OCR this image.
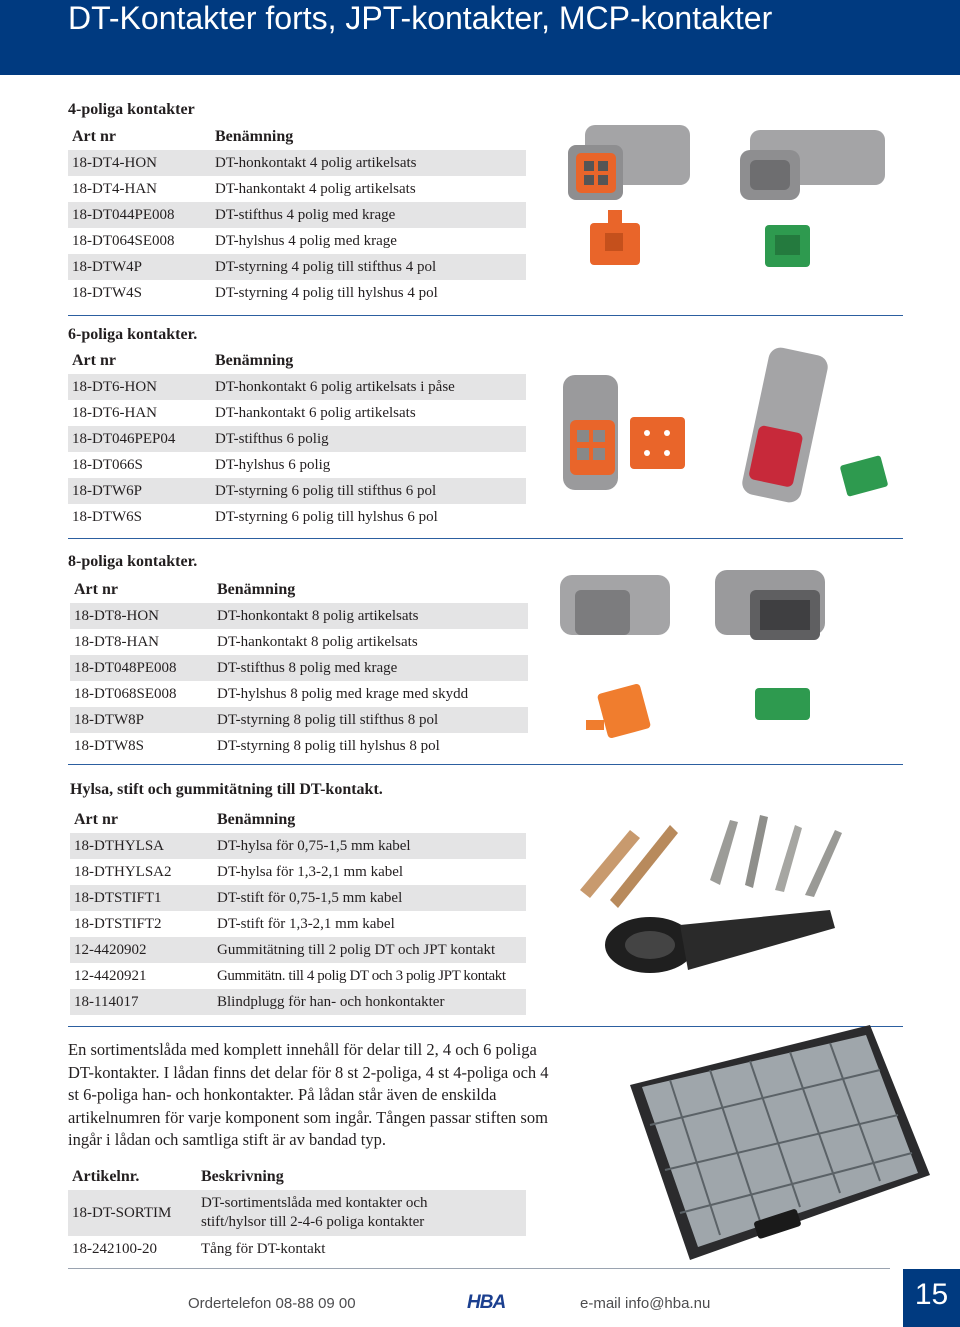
DT-Kontakter forts, JPT-kontakter, MCP-kontakter
4-poliga kontakter
Art nr	Benämning
18-DT4-HON	DT-honkontakt 4 polig artikelsats
18-DT4-HAN	DT-hankontakt 4 polig artikelsats
18-DT044PE008	DT-stifthus 4 polig med krage
18-DT064SE008	DT-hylshus 4 polig med krage
18-DTW4P	DT-styrning 4 polig till stifthus 4 pol
18-DTW4S	DT-styrning 4 polig till hylshus 4 pol
6-poliga kontakter.
Art nr	Benämning
18-DT6-HON	DT-honkontakt 6 polig artikelsats i påse
18-DT6-HAN	DT-hankontakt 6 polig artikelsats
18-DT046PEP04	DT-stifthus 6 polig
18-DT066S	DT-hylshus 6 polig
18-DTW6P	DT-styrning 6 polig till stifthus 6 pol
18-DTW6S	DT-styrning 6 polig till hylshus 6 pol
8-poliga kontakter.
Art nr	Benämning
18-DT8-HON	DT-honkontakt 8 polig artikelsats
18-DT8-HAN	DT-hankontakt 8 polig artikelsats
18-DT048PE008	DT-stifthus 8 polig med krage
18-DT068SE008	DT-hylshus 8 polig med krage med skydd
18-DTW8P	DT-styrning 8 polig till stifthus 8 pol
18-DTW8S	DT-styrning 8 polig till hylshus 8 pol
Hylsa, stift och gummitätning till DT-kontakt.
Art nr	Benämning
18-DTHYLSA	DT-hylsa för 0,75-1,5 mm kabel
18-DTHYLSA2	DT-hylsa för 1,3-2,1 mm kabel
18-DTSTIFT1	DT-stift för 0,75-1,5 mm kabel
18-DTSTIFT2	DT-stift för 1,3-2,1 mm kabel
12-4420902	Gummitätning till 2 polig DT och JPT kontakt
12-4420921	Gummitätn. till 4 polig DT och 3 polig JPT kontakt
18-114017	Blindplugg för han- och honkontakter
En sortimentslåda med komplett innehåll för delar till 2, 4 och 6 poliga DT-kontakter. I lådan finns det delar för 8 st 2-poliga, 4 st 4-poliga och 4 st 6-poliga han- och honkontakter. På lådan står även de enskilda artikelnumren för varje komponent som ingår. Tången passar stiften som ingår i lådan och samtliga stift är av bandad typ.
Artikelnr.	Beskrivning
18-DT-SORTIM	DT-sortimentslåda med kontakter och
stift/hylsor till 2-4-6 poliga kontakter

18-242100-20	Tång för DT-kontakt
Ordertelefon 08-88 09 00	HBA	e-mail info@hba.nu	15
